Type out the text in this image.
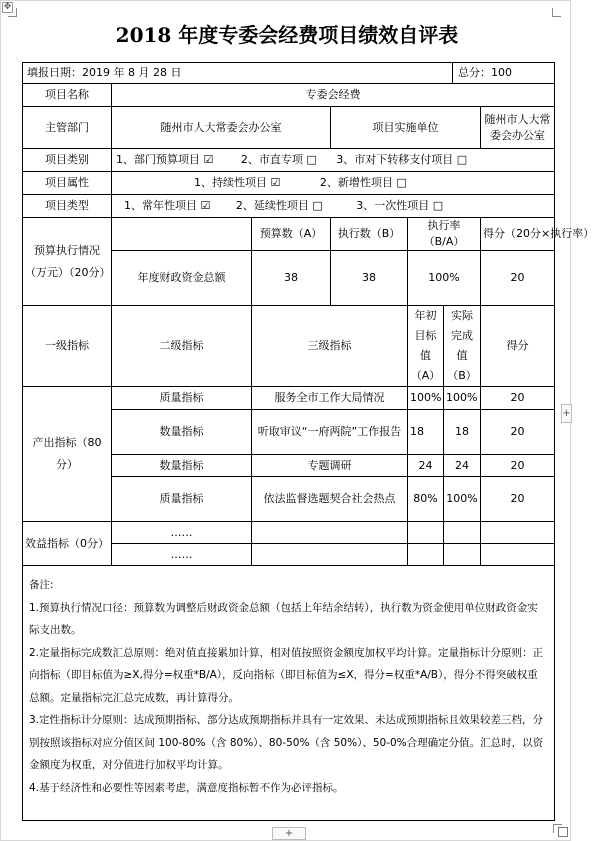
✥
+
+
2018 年度专委会经费项目绩效自评表
填报日期：2019 年 8 月 28 日 总分：100						

项目名称	专委会经费					
主管部门	随州市人大常委会办公室		项目实施单位			随州市人大常委会办公室
项目类别	1、部门预算项目 ☑ 2、市直专项 □ 3、市对下转移支付项目 □					
项目属性	1、持续性项目 ☑ 2、新增性项目 □					
项目类型	1、常年性项目 ☑ 2、延续性项目 □ 3、一次性项目 □					
预算执行情况（万元）（20分）		预算数（A）	执行数（B）	执行率（B/A）		得分（20分×执行率）
	年度财政资金总额	38	38	100%		20
一级指标	二级指标	三级指标		年初目标值（A）	实际完成值（B）	得分
产出指标（80分）	质量指标	服务全市工作大局情况		100%	100%	20
	数量指标	听取审议“一府两院”工作报告		18	18	20
	数量指标	专题调研		24	24	20
	质量指标	依法监督选题契合社会热点		80%	100%	20
效益指标（0分）	……					
	……					

备注:

1.预算执行情况口径：预算数为调整后财政资金总额（包括上年结余结转），执行数为资金使用单位财政资金实际支出数。

2.定量指标完成数汇总原则：绝对值直接累加计算，相对值按照资金额度加权平均计算。定量指标计分原则：正向指标（即目标值为≥X,得分=权重*B/A），反向指标（即目标值为≤X，得分=权重*A/B），得分不得突破权重总额。定量指标完汇总完成数，再计算得分。

3.定性指标计分原则：达成预期指标、部分达成预期指标并具有一定效果、未达成预期指标且效果较差三档，分别按照该指标对应分值区间 100-80%（含 80%）、80-50%（含 50%）、50-0%合理确定分值。汇总时，以资金额度为权重，对分值进行加权平均计算。

4.基于经济性和必要性等因素考虑，满意度指标暂不作为必评指标。						
